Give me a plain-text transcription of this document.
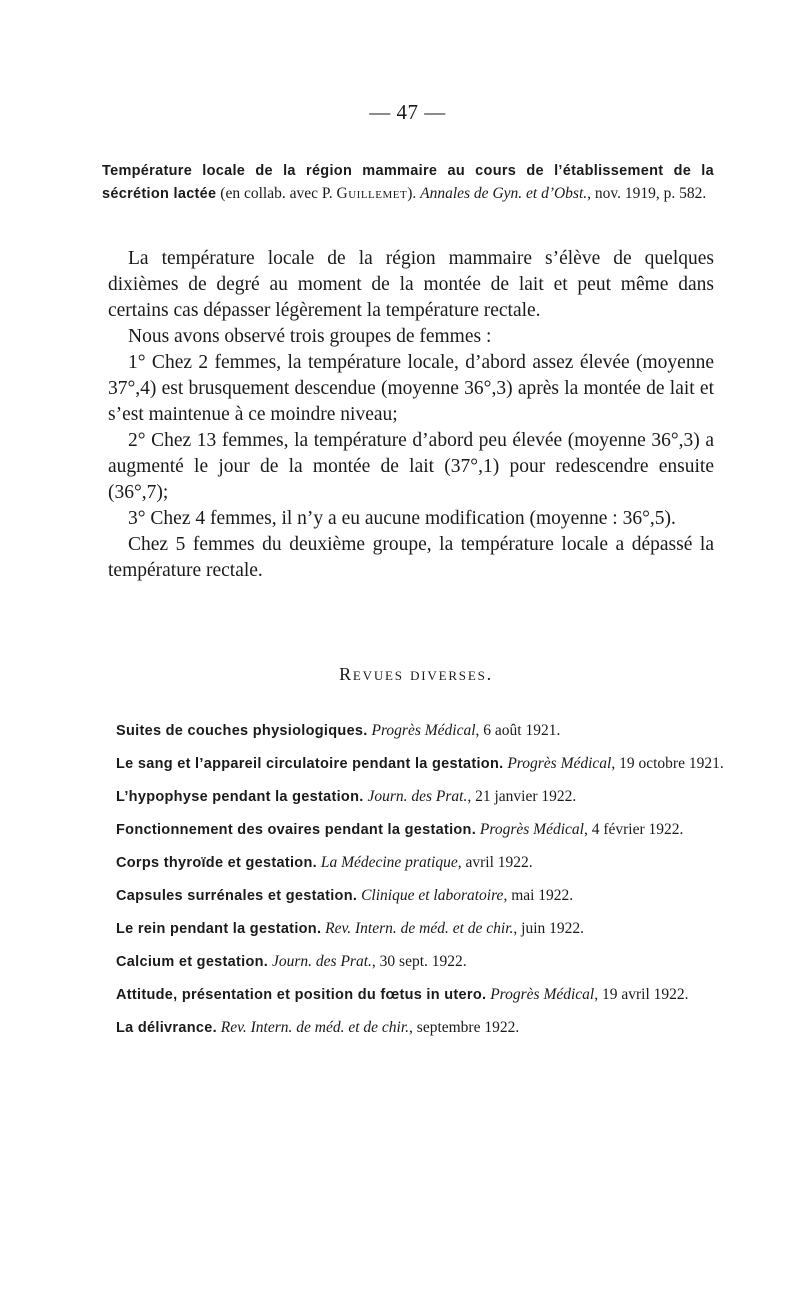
— 47 —
Température locale de la région mammaire au cours de l’établissement de la sécrétion lactée (en collab. avec P. Guillemet). Annales de Gyn. et d’Obst., nov. 1919, p. 582.

La température locale de la région mammaire s’élève de quelques dixièmes de degré au moment de la montée de lait et peut même dans certains cas dépasser légèrement la température rectale.

Nous avons observé trois groupes de femmes :

1° Chez 2 femmes, la température locale, d’abord assez élevée (moyenne 37°,4) est brusquement descendue (moyenne 36°,3) après la montée de lait et s’est maintenue à ce moindre niveau;

2° Chez 13 femmes, la température d’abord peu élevée (moyenne 36°,3) a augmenté le jour de la montée de lait (37°,1) pour redescendre ensuite (36°,7);

3° Chez 4 femmes, il n’y a eu aucune modification (moyenne : 36°,5).

Chez 5 femmes du deuxième groupe, la température locale a dépassé la température rectale.

Revues diverses.

Suites de couches physiologiques. Progrès Médical, 6 août 1921.

Le sang et l’appareil circulatoire pendant la gestation. Progrès Médical, 19 octobre 1921.

L’hypophyse pendant la gestation. Journ. des Prat., 21 janvier 1922.

Fonctionnement des ovaires pendant la gestation. Progrès Médical, 4 février 1922.

Corps thyroïde et gestation. La Médecine pratique, avril 1922.

Capsules surrénales et gestation. Clinique et laboratoire, mai 1922.

Le rein pendant la gestation. Rev. Intern. de méd. et de chir., juin 1922.

Calcium et gestation. Journ. des Prat., 30 sept. 1922.

Attitude, présentation et position du fœtus in utero. Progrès Médical, 19 avril 1922.

La délivrance. Rev. Intern. de méd. et de chir., septembre 1922.
